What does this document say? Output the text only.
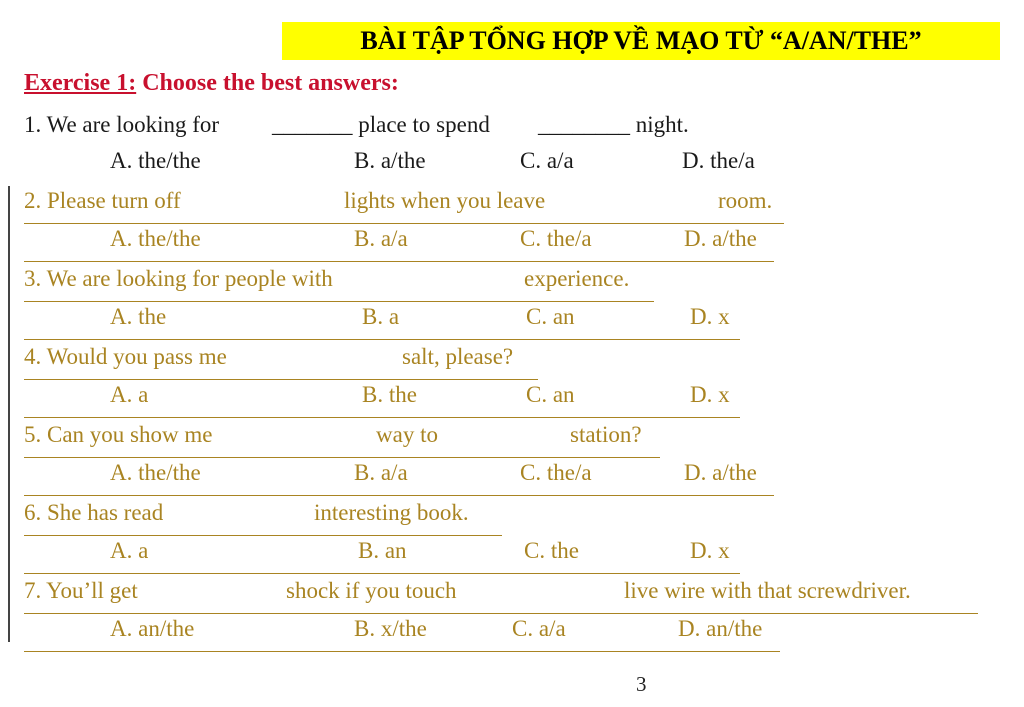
BÀI TẬP TỔNG HỢP VỀ MẠO TỪ “A/AN/THE”
Exercise 1: Choose the best answers:
1. We are looking for _______ place to spend ________ night.
A. the/the	B. a/the	C. a/a	D. the/a
2. Please turn off	lights when you leave	room.
A. the/the	B. a/a	C. the/a	D. a/the
3. We are looking for people with	experience.
A. the	B. a	C. an	D. x
4. Would you pass me	salt, please?
A. a	B. the	C. an	D. x
5. Can you show me	way to	station?
A. the/the	B. a/a	C. the/a	D. a/the
6. She has read	interesting book.
A. a	B. an	C. the	D. x
7. You’ll get	shock if you touch	live wire with that screwdriver.
A. an/the	B. x/the	C. a/a	D. an/the
3
